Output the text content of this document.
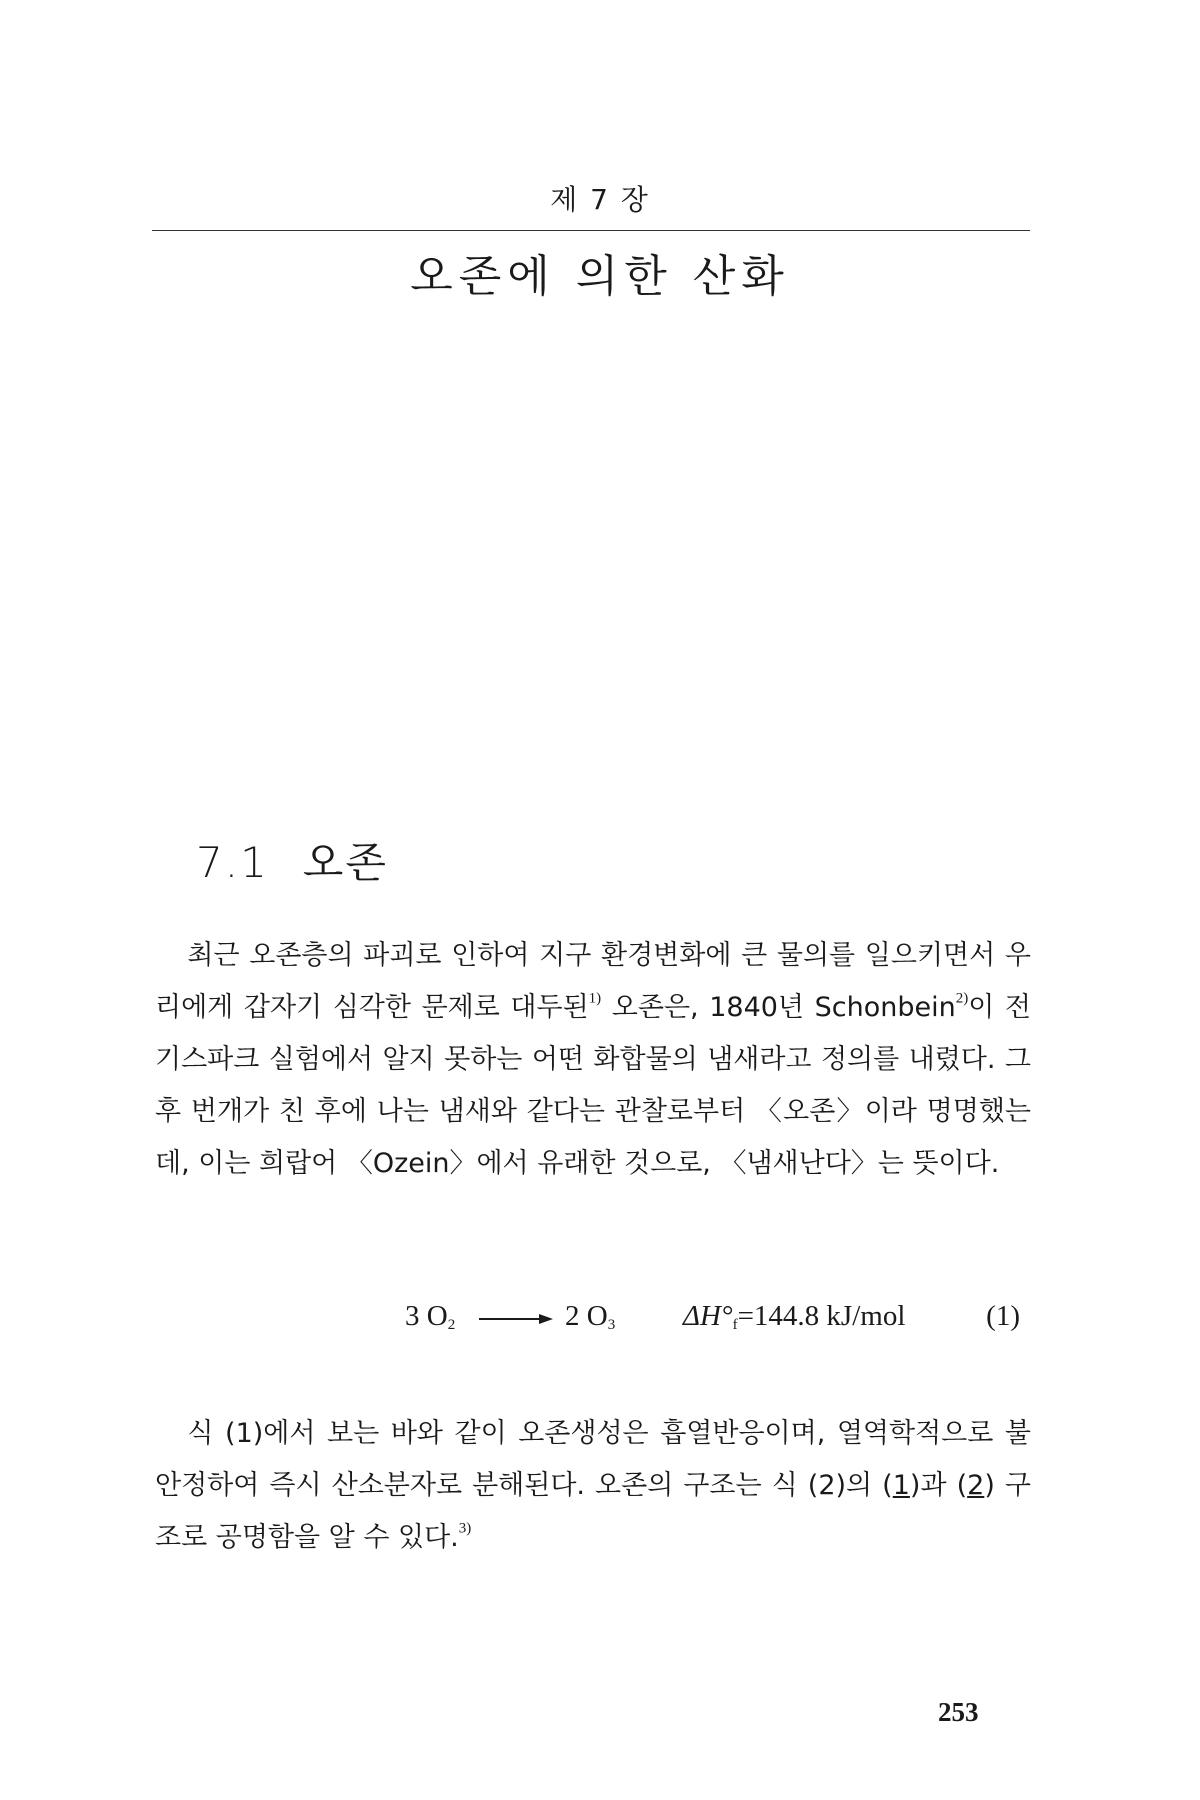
제 7 장
오존에 의한 산화
7.1 오존

최근 오존층의 파괴로 인하여 지구 환경변화에 큰 물의를 일으키면서 우리에게 갑자기 심각한 문제로 대두된$^{1)}$ 오존은, 1840년 Schonbein$^{2)}$이 전기스파크 실험에서 알지 못하는 어떤 화합물의 냄새라고 정의를 내렸다. 그 후 번개가 친 후에 나는 냄새와 같다는 관찰로부터 〈오존〉이라 명명했는데, 이는 희랍어 〈Ozein〉에서 유래한 것으로, 〈냄새난다〉는 뜻이다.

3 $O_2 \to 2$ $O_3$ $\Delta H^\circ_f=144.8$ kJ/mol	(1)

식 (1)에서 보는 바와 같이 오존생성은 흡열반응이며, 열역학적으로 불안정하여 즉시 산소분자로 분해된다. 오존의 구조는 식 (2)의 (1)과 (2) 구조로 공명함을 알 수 있다.$^{3)}$

253
